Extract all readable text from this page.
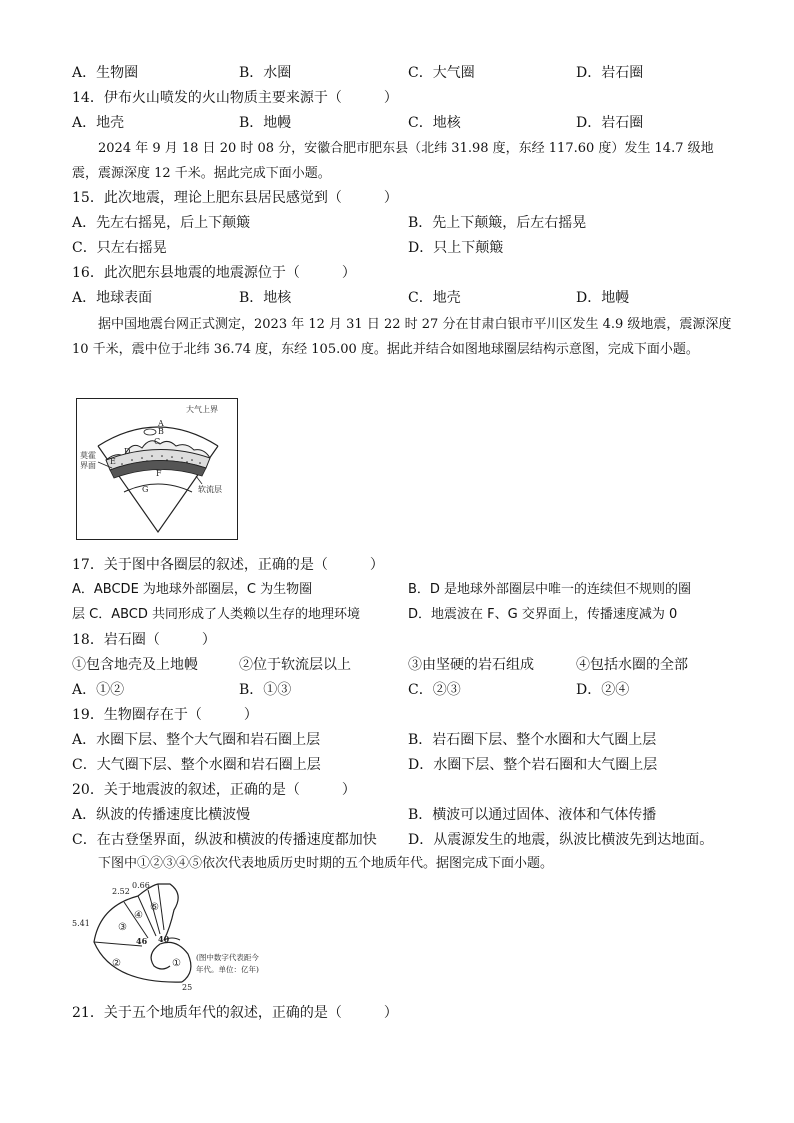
A．生物圈	B．水圈	C．大气圈	D．岩石圈
14．伊布火山喷发的火山物质主要来源于（　　　）
A．地壳	B．地幔	C．地核	D．岩石圈
2024 年 9 月 18 日 20 时 08 分，安徽合肥市肥东县（北纬 31.98 度，东经 117.60 度）发生 14.7 级地震，震源深度 12 千米。据此完成下面小题。
15．此次地震，理论上肥东县居民感觉到（　　　）
A．先左右摇晃，后上下颠簸	B．先上下颠簸，后左右摇晃
C．只左右摇晃	D．只上下颠簸
16．此次肥东县地震的地震源位于（　　　）
A．地球表面	B．地核	C．地壳	D．地幔
据中国地震台网正式测定，2023 年 12 月 31 日 22 时 27 分在甘肃白银市平川区发生 4.9 级地震，震源深度 10 千米，震中位于北纬 36.74 度，东经 105.00 度。据此并结合如图地球圈层结构示意图，完成下面小题。
A
B
C
D
E
F
G
大气上界
莫霍
界面
软流层
17．关于图中各圈层的叙述，正确的是（　　　）
A．ABCDE 为地球外部圈层，C 为生物圈	B．D 是地球外部圈层中唯一的连续但不规则的圈
层 C．ABCD 共同形成了人类赖以生存的地理环境	D．地震波在 F、G 交界面上，传播速度减为 0
18．岩石圈（　　　）
①包含地壳及上地幔	②位于软流层以上	③由坚硬的岩石组成	④包括水圈的全部
A．①②	B．①③	C．②③	D．②④
19．生物圈存在于（　　　）
A．水圈下层、整个大气圈和岩石圈上层	B．岩石圈下层、整个水圈和大气圈上层
C．大气圈下层、整个水圈和岩石圈上层	D．水圈下层、整个岩石圈和大气圈上层
20．关于地震波的叙述，正确的是（　　　）
A．纵波的传播速度比横波慢	B．横波可以通过固体、液体和气体传播
C．在古登堡界面，纵波和横波的传播速度都加快 D．从震源发生的地震，纵波比横波先到达地面。
下图中①②③④⑤依次代表地质历史时期的五个地质年代。据图完成下面小题。
①
②
③
④
⑤
5.41
2.52
0.66
46 40
25
(图中数字代表距今
年代。单位：亿年)
21．关于五个地质年代的叙述，正确的是（　　　）
